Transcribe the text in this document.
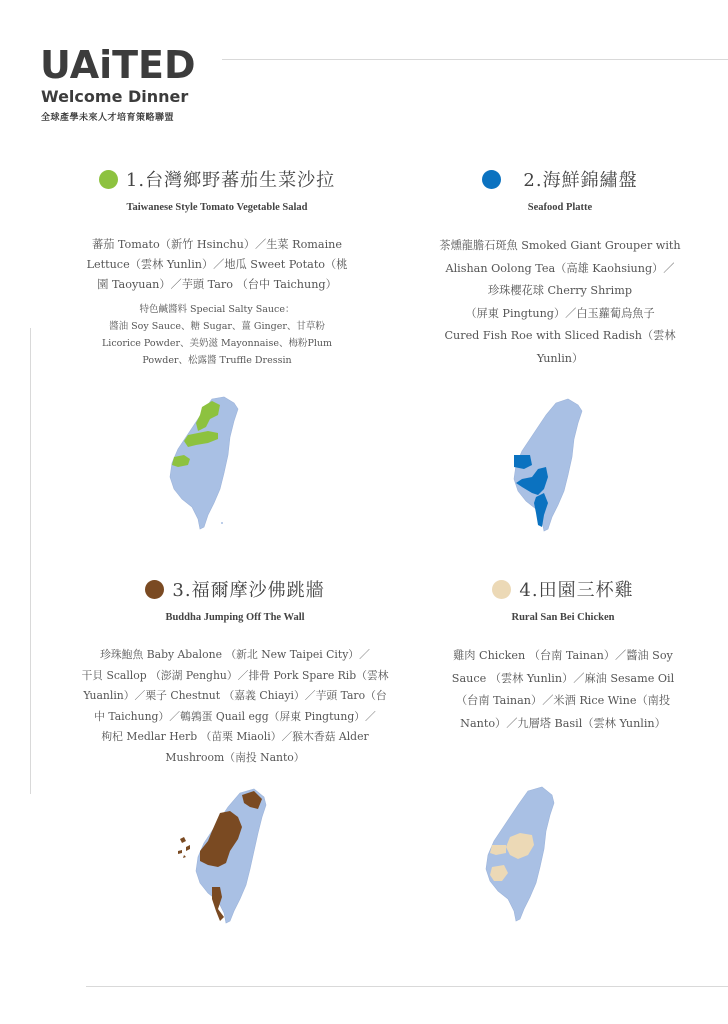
UAiTED
Welcome Dinner
全球產學未來人才培育策略聯盟
1.台灣鄉野蕃茄生菜沙拉
Taiwanese Style Tomato Vegetable Salad
蕃茄 Tomato（新竹 Hsinchu）／生菜 Romaine
Lettuce（雲林 Yunlin）／地瓜 Sweet Potato（桃
園 Taoyuan）／芋頭 Taro （台中 Taichung）
特色鹹醬料 Special Salty Sauce：
醬油 Soy Sauce、糖 Sugar、薑 Ginger、甘草粉
Licorice Powder、美奶滋 Mayonnaise、梅粉Plum
Powder、松露醬 Truffle Dressin
2.海鮮錦繡盤
Seafood Platte
茶燻龍膽石斑魚 Smoked Giant Grouper with
Alishan Oolong Tea（高雄 Kaohsiung）／
珍珠櫻花球 Cherry Shrimp
（屏東 Pingtung）／白玉蘿蔔烏魚子
Cured Fish Roe with Sliced Radish（雲林
Yunlin）
3.福爾摩沙佛跳牆
Buddha Jumping Off The Wall
珍珠鮑魚 Baby Abalone （新北 New Taipei City）／
干貝 Scallop （澎湖 Penghu）／排骨 Pork Spare Rib（雲林
Yuanlin）／栗子 Chestnut （嘉義 Chiayi）／芋頭 Taro（台
中 Taichung）／鵪鶉蛋 Quail egg（屏東 Pingtung）／
枸杞 Medlar Herb （苗栗 Miaoli）／猴木香菇 Alder
Mushroom（南投 Nanto）
4.田園三杯雞
Rural San Bei Chicken
雞肉 Chicken （台南 Tainan）／醬油 Soy
Sauce （雲林 Yunlin）／麻油 Sesame Oil
（台南 Tainan）／米酒 Rice Wine（南投
Nanto）／九層塔 Basil（雲林 Yunlin）
